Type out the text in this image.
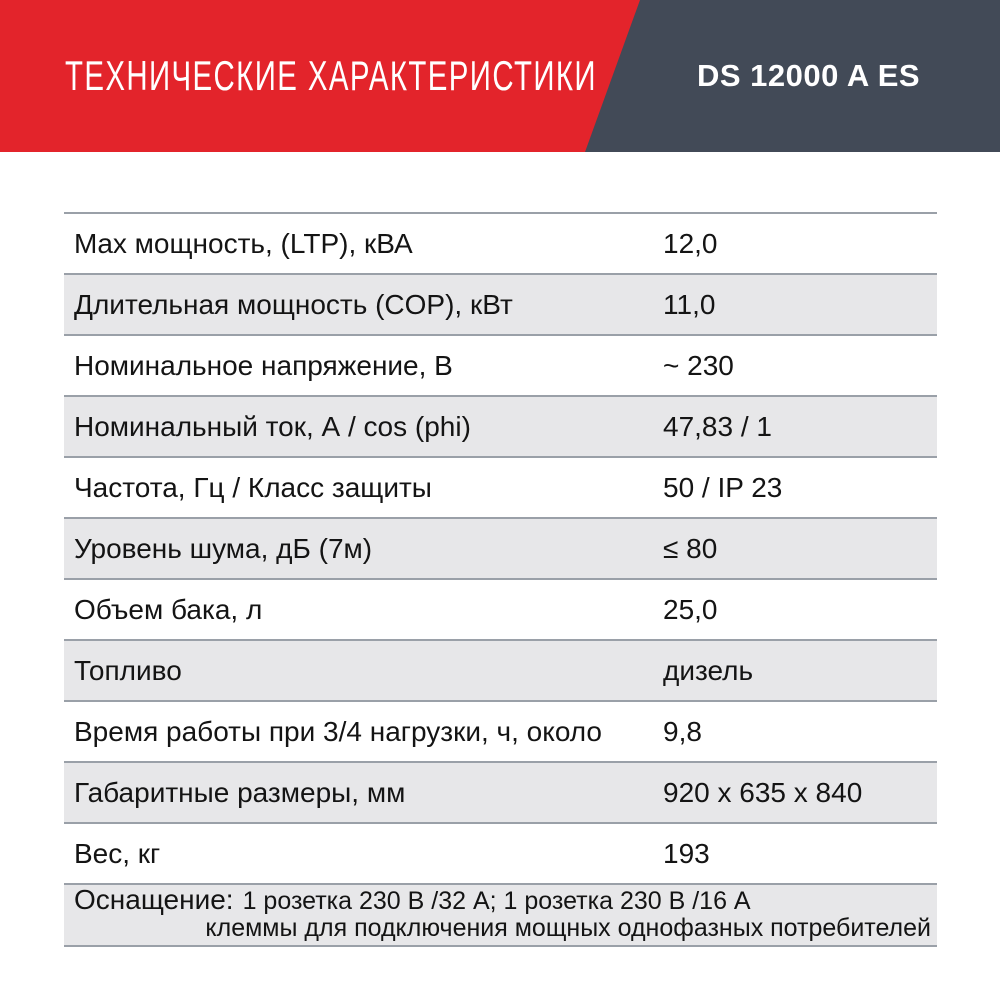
ТЕХНИЧЕСКИЕ ХАРАКТЕРИСТИКИ	DS 12000 A ES
Max мощность, (LTP), кВА	12,0
Длительная мощность (COP), кВт	11,0
Номинальное напряжение, В	~ 230
Номинальный ток, А / cos (phi)	47,83 / 1
Частота, Гц / Класс защиты	50 / IP 23
Уровень шума, дБ (7м)	≤ 80
Объем бака, л	25,0
Топливо	дизель
Время работы при 3/4 нагрузки, ч, около	9,8
Габаритные размеры, мм	920 x 635 x 840
Вес, кг	193
Оснащение: 1 розетка 230 В /32 А; 1 розетка 230 В /16 А
клеммы для подключения мощных однофазных потребителей
